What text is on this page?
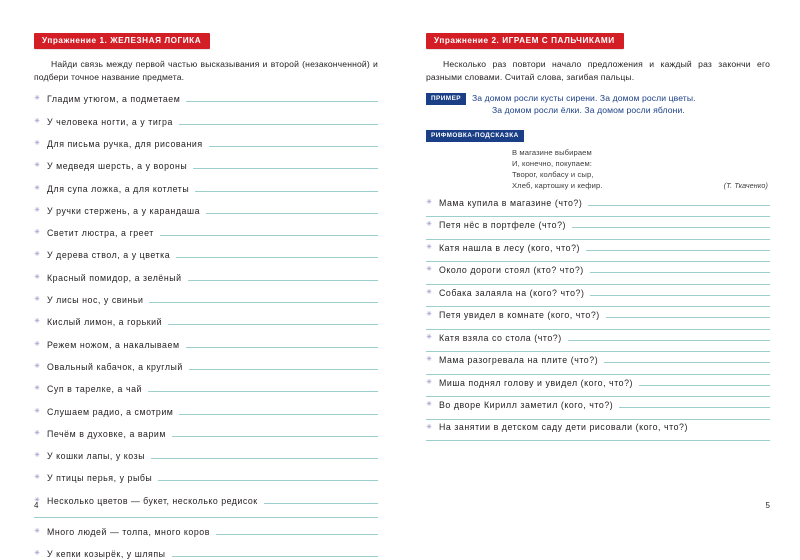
Упражнение 1. ЖЕЛЕЗНАЯ ЛОГИКА

Найди связь между первой частью высказывания и второй (незаконченной) и подбери точное название предмета.

✳ Гладим утюгом, а подметаем
✳ У человека ногти, а у тигра
✳ Для письма ручка, для рисования
✳ У медведя шерсть, а у вороны
✳ Для супа ложка, а для котлеты
✳ У ручки стержень, а у карандаша
✳ Светит люстра, а греет
✳ У дерева ствол, а у цветка
✳ Красный помидор, а зелёный
✳ У лисы нос, у свиньи
✳ Кислый лимон, а горький
✳ Режем ножом, а накалываем
✳ Овальный кабачок, а круглый
✳ Суп в тарелке, а чай
✳ Слушаем радио, а смотрим
✳ Печём в духовке, а варим
✳ У кошки лапы, у козы
✳ У птицы перья, у рыбы
✳ Несколько цветов — букет, несколько редисок
✳ Много людей — толпа, много коров
✳ У кепки козырёк, у шляпы
4
Упражнение 2. ИГРАЕМ С ПАЛЬЧИКАМИ

Несколько раз повтори начало предложения и каждый раз закончи его разными словами. Считай слова, загибая пальцы.

ПРИМЕР	За домом росли кусты сирени. За домом росли цветы.
За домом росли ёлки. За домом росли яблони.
РИФМОВКА-ПОДСКАЗКА
В магазине выбираем
И, конечно, покупаем:
Творог, колбасу и сыр,
Хлеб, картошку и кефир.	(Т. Ткаченко)
✳ Мама купила в магазине (что?)
✳ Петя нёс в портфеле (что?)
✳ Катя нашла в лесу (кого, что?)
✳ Около дороги стоял (кто? что?)
✳ Собака залаяла на (кого? что?)
✳ Петя увидел в комнате (кого, что?)
✳ Катя взяла со стола (что?)
✳ Мама разогревала на плите (что?)
✳ Миша поднял голову и увидел (кого, что?)
✳ Во дворе Кирилл заметил (кого, что?)
✳ На занятии в детском саду дети рисовали (кого, что?)
5
